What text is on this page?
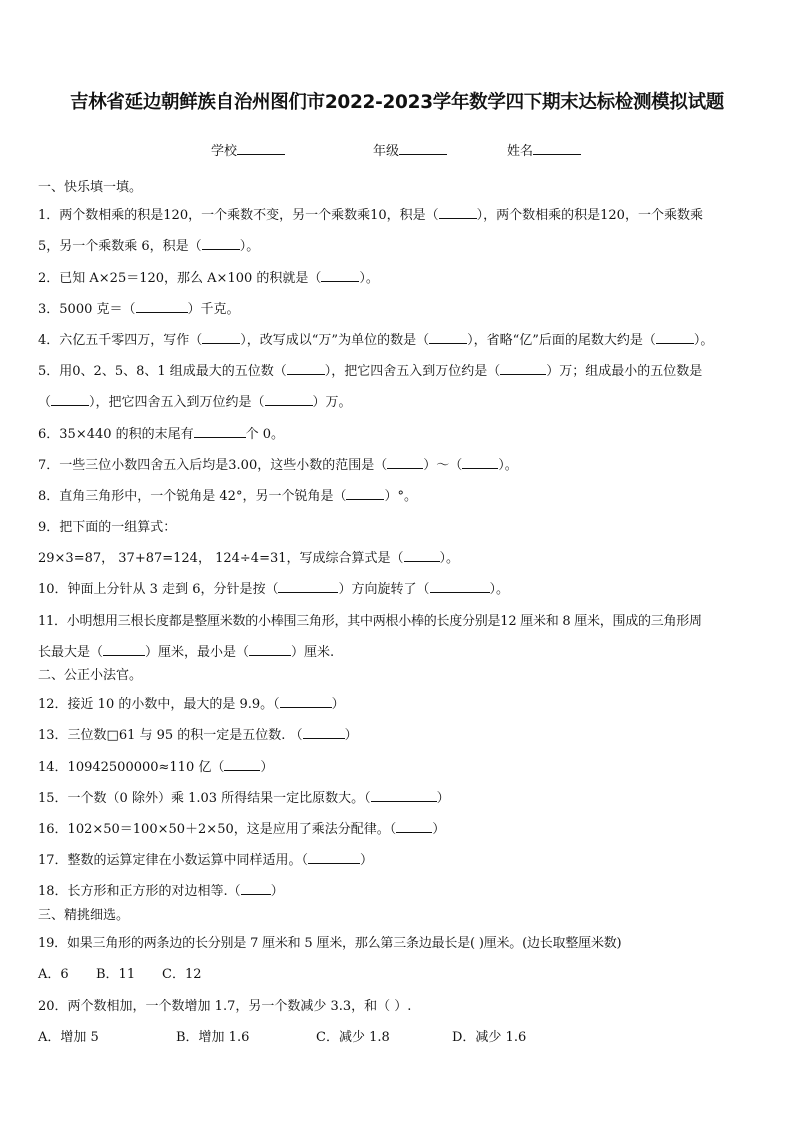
吉林省延边朝鲜族自治州图们市2022-2023学年数学四下期末达标检测模拟试题
学校	年级	姓名
一、快乐填一填。
1．两个数相乘的积是120，一个乘数不变，另一个乘数乘10，积是（	），两个数相乘的积是120，一个乘数乘
5，另一个乘数乘 6，积是（	）。
2．已知 A×25＝120，那么 A×100 的积就是（	）。
3．5000 克＝（	）千克。
4．六亿五千零四万，写作（	），改写成以“万”为单位的数是（	），省略“亿”后面的尾数大约是（	）。
5．用0、2、5、8、1 组成最大的五位数（	），把它四舍五入到万位约是（	）万；组成最小的五位数是
（	），把它四舍五入到万位约是（	）万。
6．35×440 的积的末尾有	个 0。
7．一些三位小数四舍五入后均是3.00，这些小数的范围是（	）～（	）。
8．直角三角形中，一个锐角是 42°，另一个锐角是（	）°。
9．把下面的一组算式：
29×3=87， 37+87=124， 124÷4=31，写成综合算式是（	）。
10．钟面上分针从 3 走到 6，分针是按（	）方向旋转了（	）。
11．小明想用三根长度都是整厘米数的小棒围三角形，其中两根小棒的长度分别是12 厘米和 8 厘米，围成的三角形周
长最大是（	）厘米，最小是（	）厘米.
二、公正小法官。
12．接近 10 的小数中，最大的是 9.9。（	）
13．三位数□61 与 95 的积一定是五位数. （	）
14．10942500000≈110 亿（	）
15．一个数（0 除外）乘 1.03 所得结果一定比原数大。（	）
16．102×50＝100×50＋2×50，这是应用了乘法分配律。（	）
17．整数的运算定律在小数运算中同样适用。（	）
18．长方形和正方形的对边相等.（ ）
三、精挑细选。
19．如果三角形的两条边的长分别是 7 厘米和 5 厘米，那么第三条边最长是( )厘米。(边长取整厘米数)
A．6 B．11 C．12
20．两个数相加，一个数增加 1.7，另一个数减少 3.3，和（ ）.
A．增加 5	B．增加 1.6	C．减少 1.8	D．减少 1.6
